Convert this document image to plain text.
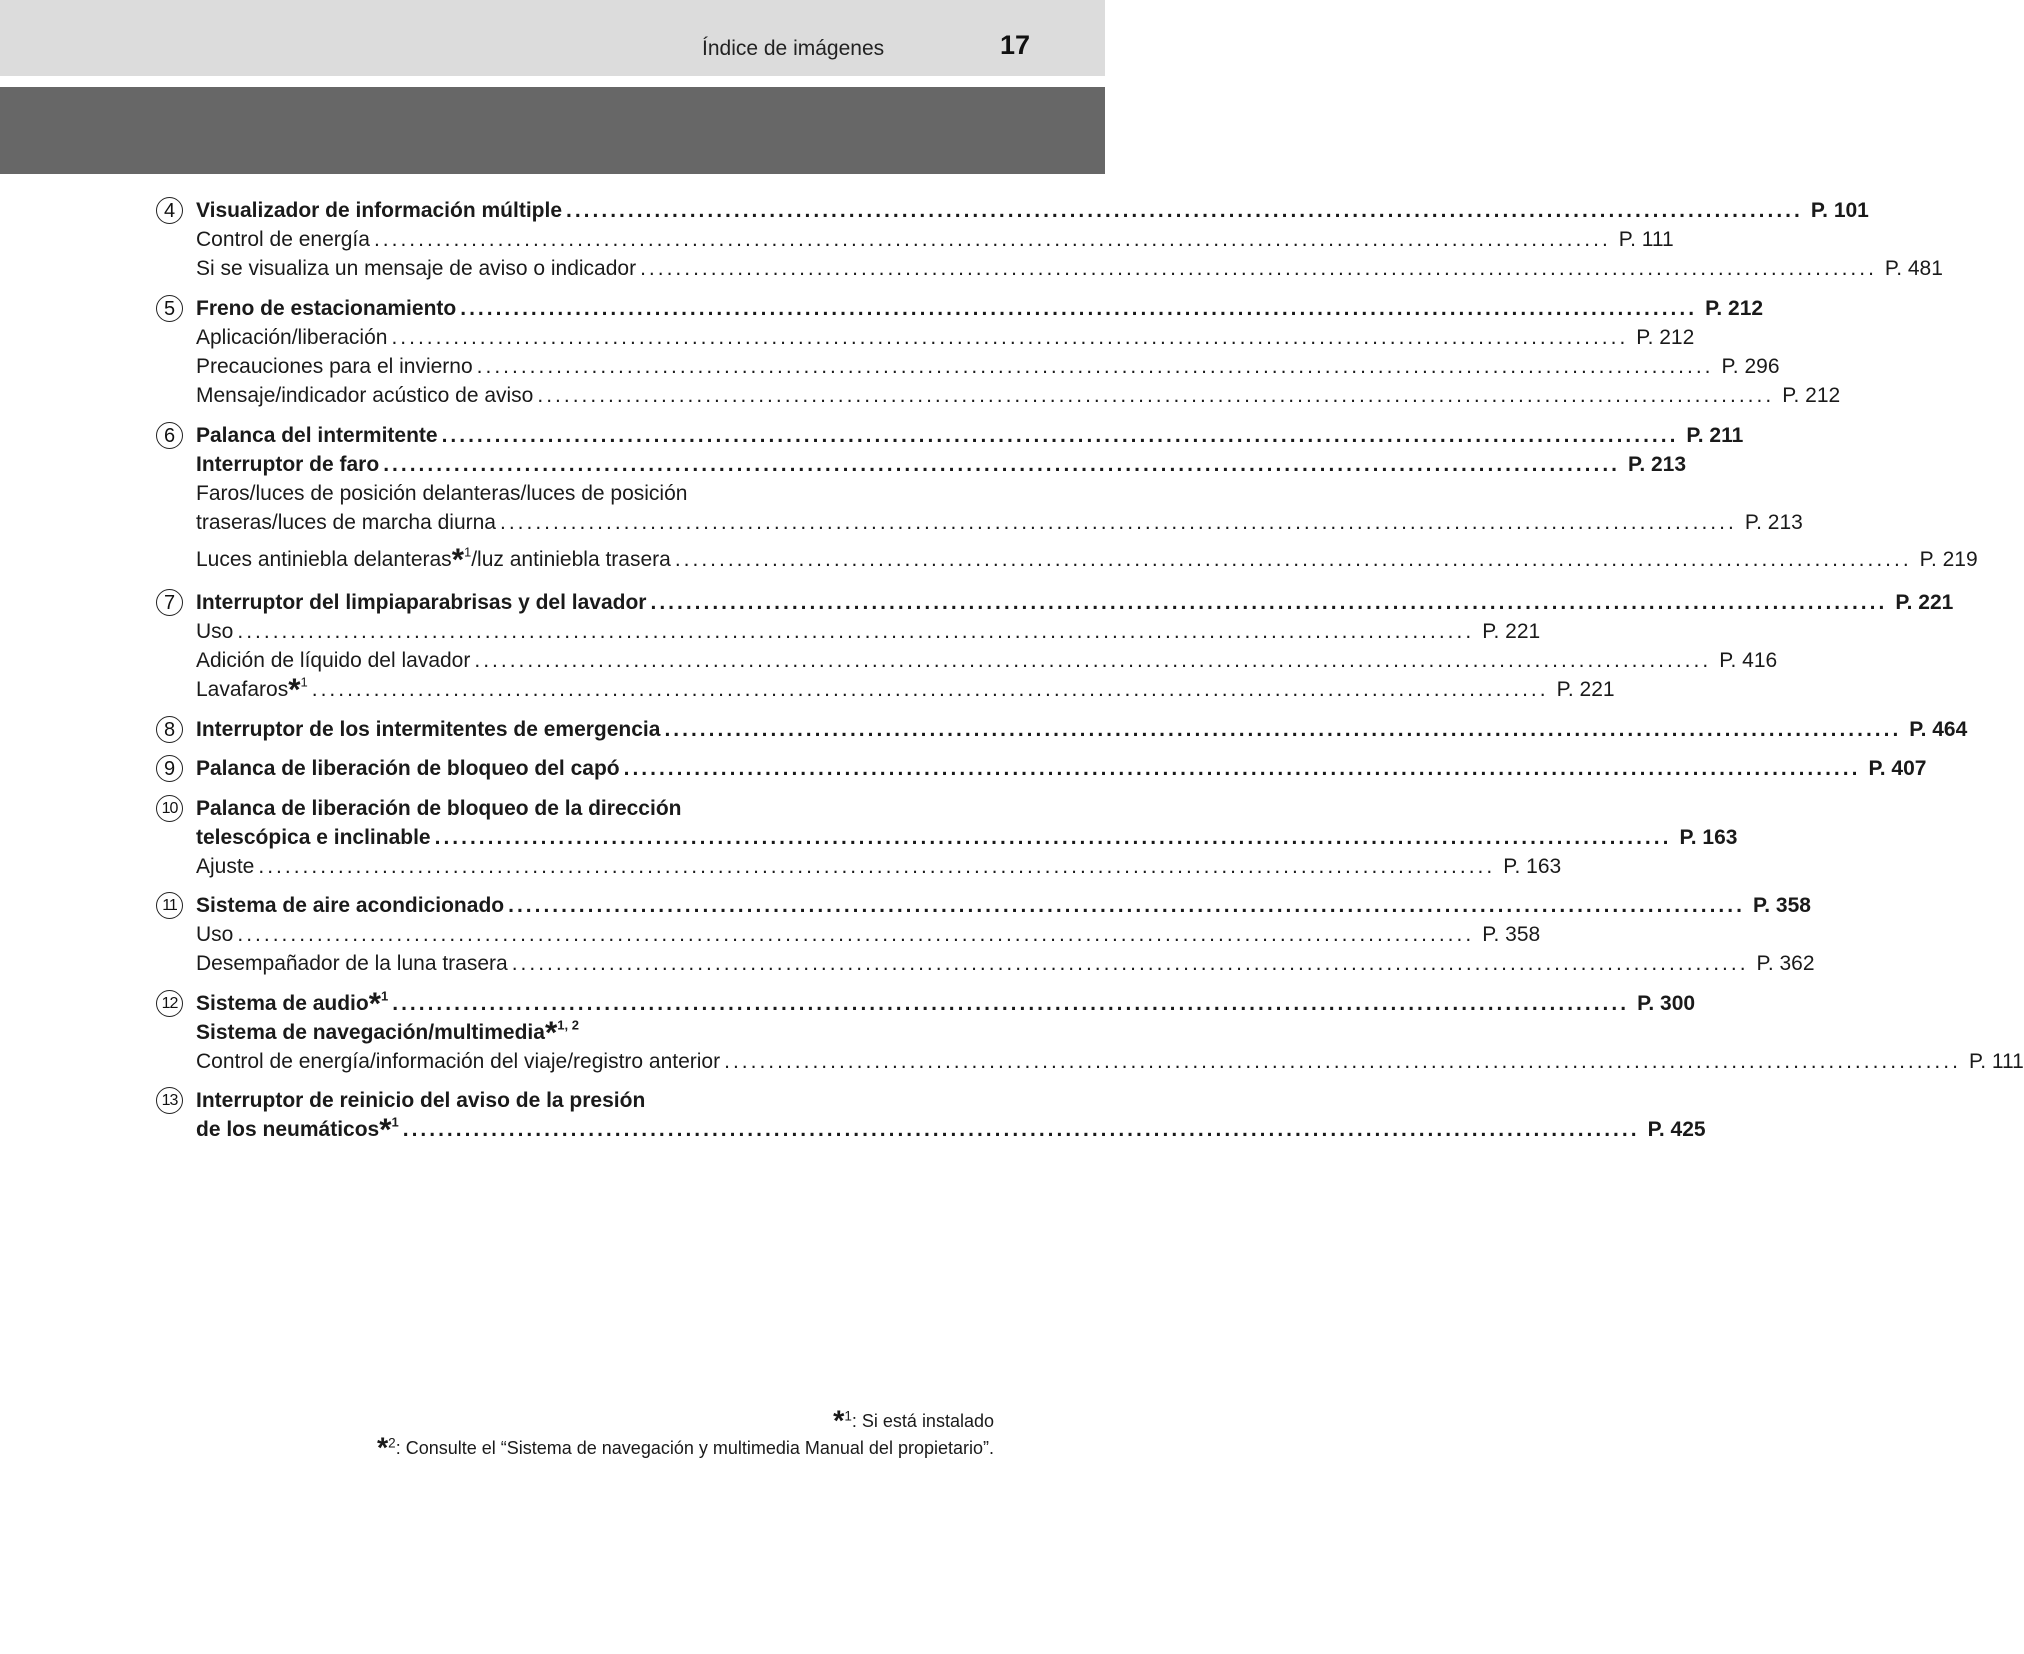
Índice de imágenes	17
4 Visualizador de información múltiple ............................................................................................................................................ P. 101
Control de energía ............................................................................................................................................ P. 111
Si se visualiza un mensaje de aviso o indicador ............................................................................................................................................ P. 481
5 Freno de estacionamiento ............................................................................................................................................ P. 212
Aplicación/liberación ............................................................................................................................................ P. 212
Precauciones para el invierno ............................................................................................................................................ P. 296
Mensaje/indicador acústico de aviso ............................................................................................................................................ P. 212
6 Palanca del intermitente ............................................................................................................................................ P. 211
Interruptor de faro ............................................................................................................................................ P. 213
Faros/luces de posición delanteras/luces de posición
traseras/luces de marcha diurna ............................................................................................................................................ P. 213
Luces antiniebla delanteras*$^1$/luz antiniebla trasera ............................................................................................................................................ P. 219
7 Interruptor del limpiaparabrisas y del lavador ............................................................................................................................................ P. 221
Uso ............................................................................................................................................ P. 221
Adición de líquido del lavador ............................................................................................................................................ P. 416
Lavafaros*$^1$ ............................................................................................................................................ P. 221
8 Interruptor de los intermitentes de emergencia ............................................................................................................................................ P. 464
9 Palanca de liberación de bloqueo del capó ............................................................................................................................................ P. 407
10 Palanca de liberación de bloqueo de la dirección
telescópica e inclinable ............................................................................................................................................ P. 163
Ajuste ............................................................................................................................................ P. 163
11 Sistema de aire acondicionado ............................................................................................................................................ P. 358
Uso ............................................................................................................................................ P. 358
Desempañador de la luna trasera ............................................................................................................................................ P. 362
12 Sistema de audio*$^1$ ............................................................................................................................................ P. 300
Sistema de navegación/multimedia*$^{1, 2}$
Control de energía/información del viaje/registro anterior ............................................................................................................................................ P. 111
13 Interruptor de reinicio del aviso de la presión
de los neumáticos*$^1$ ............................................................................................................................................ P. 425
*$^1$: Si está instalado
*$^2$: Consulte el “Sistema de navegación y multimedia Manual del propietario”.
